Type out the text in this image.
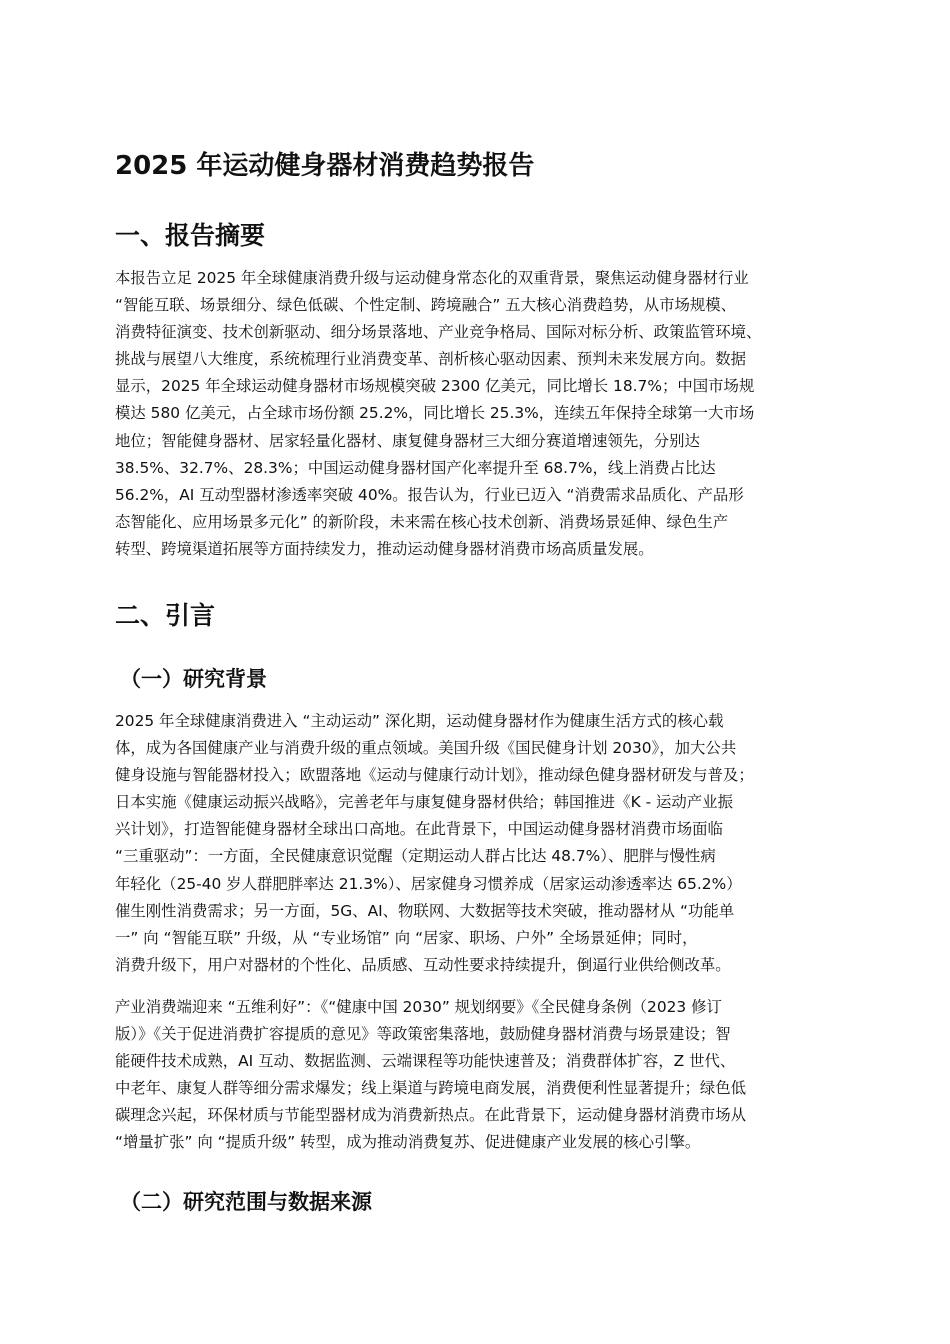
2025 年运动健身器材消费趋势报告
一、报告摘要

本报告立足 2025 年全球健康消费升级与运动健身常态化的双重背景，聚焦运动健身器材行业
“智能互联、场景细分、绿色低碳、个性定制、跨境融合” 五大核心消费趋势，从市场规模、
消费特征演变、技术创新驱动、细分场景落地、产业竞争格局、国际对标分析、政策监管环境、
挑战与展望八大维度，系统梳理行业消费变革、剖析核心驱动因素、预判未来发展方向。数据
显示，2025 年全球运动健身器材市场规模突破 2300 亿美元，同比增长 18.7%；中国市场规
模达 580 亿美元，占全球市场份额 25.2%，同比增长 25.3%，连续五年保持全球第一大市场
地位；智能健身器材、居家轻量化器材、康复健身器材三大细分赛道增速领先，分别达
38.5%、32.7%、28.3%；中国运动健身器材国产化率提升至 68.7%，线上消费占比达
56.2%，AI 互动型器材渗透率突破 40%。报告认为，行业已迈入 “消费需求品质化、产品形
态智能化、应用场景多元化” 的新阶段，未来需在核心技术创新、消费场景延伸、绿色生产
转型、跨境渠道拓展等方面持续发力，推动运动健身器材消费市场高质量发展。

二、引言
（一）研究背景

2025 年全球健康消费进入 “主动运动” 深化期，运动健身器材作为健康生活方式的核心载
体，成为各国健康产业与消费升级的重点领域。美国升级《国民健身计划 2030》，加大公共
健身设施与智能器材投入；欧盟落地《运动与健康行动计划》，推动绿色健身器材研发与普及；
日本实施《健康运动振兴战略》，完善老年与康复健身器材供给；韩国推进《K - 运动产业振
兴计划》，打造智能健身器材全球出口高地。在此背景下，中国运动健身器材消费市场面临
“三重驱动”：一方面，全民健康意识觉醒（定期运动人群占比达 48.7%）、肥胖与慢性病
年轻化（25-40 岁人群肥胖率达 21.3%）、居家健身习惯养成（居家运动渗透率达 65.2%）
催生刚性消费需求；另一方面，5G、AI、物联网、大数据等技术突破，推动器材从 “功能单
一” 向 “智能互联” 升级，从 “专业场馆” 向 “居家、职场、户外” 全场景延伸；同时，
消费升级下，用户对器材的个性化、品质感、互动性要求持续提升，倒逼行业供给侧改革。

产业消费端迎来 “五维利好”：《“健康中国 2030” 规划纲要》《全民健身条例（2023 修订
版）》《关于促进消费扩容提质的意见》等政策密集落地，鼓励健身器材消费与场景建设；智
能硬件技术成熟，AI 互动、数据监测、云端课程等功能快速普及；消费群体扩容，Z 世代、
中老年、康复人群等细分需求爆发；线上渠道与跨境电商发展，消费便利性显著提升；绿色低
碳理念兴起，环保材质与节能型器材成为消费新热点。在此背景下，运动健身器材消费市场从
“增量扩张” 向 “提质升级” 转型，成为推动消费复苏、促进健康产业发展的核心引擎。

（二）研究范围与数据来源
